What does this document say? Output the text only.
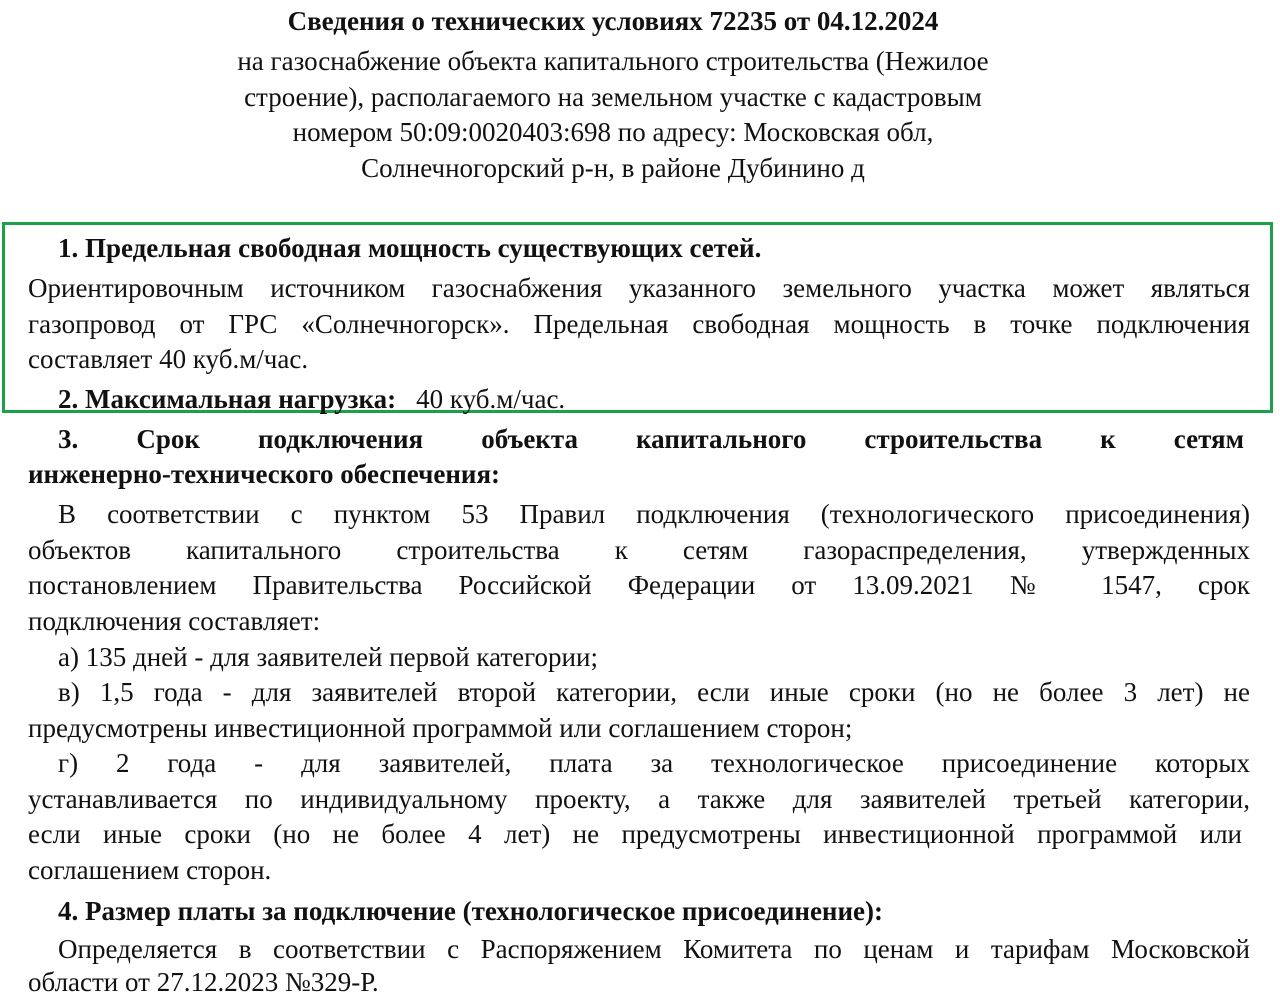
Сведения о технических условиях 72235 от 04.12.2024
на газоснабжение объекта капитального строительства (Нежилое
строение), располагаемого на земельном участке с кадастровым
номером 50:09:0020403:698 по адресу: Московская обл,
Солнечногорский р-н, в районе Дубинино д
1. Предельная свободная мощность существующих сетей.
Ориентировочным источником газоснабжения указанного земельного участка может являться
газопровод от ГРС «Солнечногорск». Предельная свободная мощность в точке подключения
составляет 40 куб.м/час.
2. Максимальная нагрузка: 40 куб.м/час.
3. Срок подключения объекта капитального строительства к сетям
инженерно-технического обеспечения:
В соответствии с пунктом 53 Правил подключения (технологического присоединения)
объектов капитального строительства к сетям газораспределения, утвержденных
постановлением Правительства Российской Федерации от 13.09.2021 № 1547, срок
подключения составляет:
а) 135 дней - для заявителей первой категории;
в) 1,5 года - для заявителей второй категории, если иные сроки (но не более 3 лет) не
предусмотрены инвестиционной программой или соглашением сторон;
г) 2 года - для заявителей, плата за технологическое присоединение которых
устанавливается по индивидуальному проекту, а также для заявителей третьей категории,
если иные сроки (но не более 4 лет) не предусмотрены инвестиционной программой или
соглашением сторон.
4. Размер платы за подключение (технологическое присоединение):
Определяется в соответствии с Распоряжением Комитета по ценам и тарифам Московской
области от 27.12.2023 №329-Р.
